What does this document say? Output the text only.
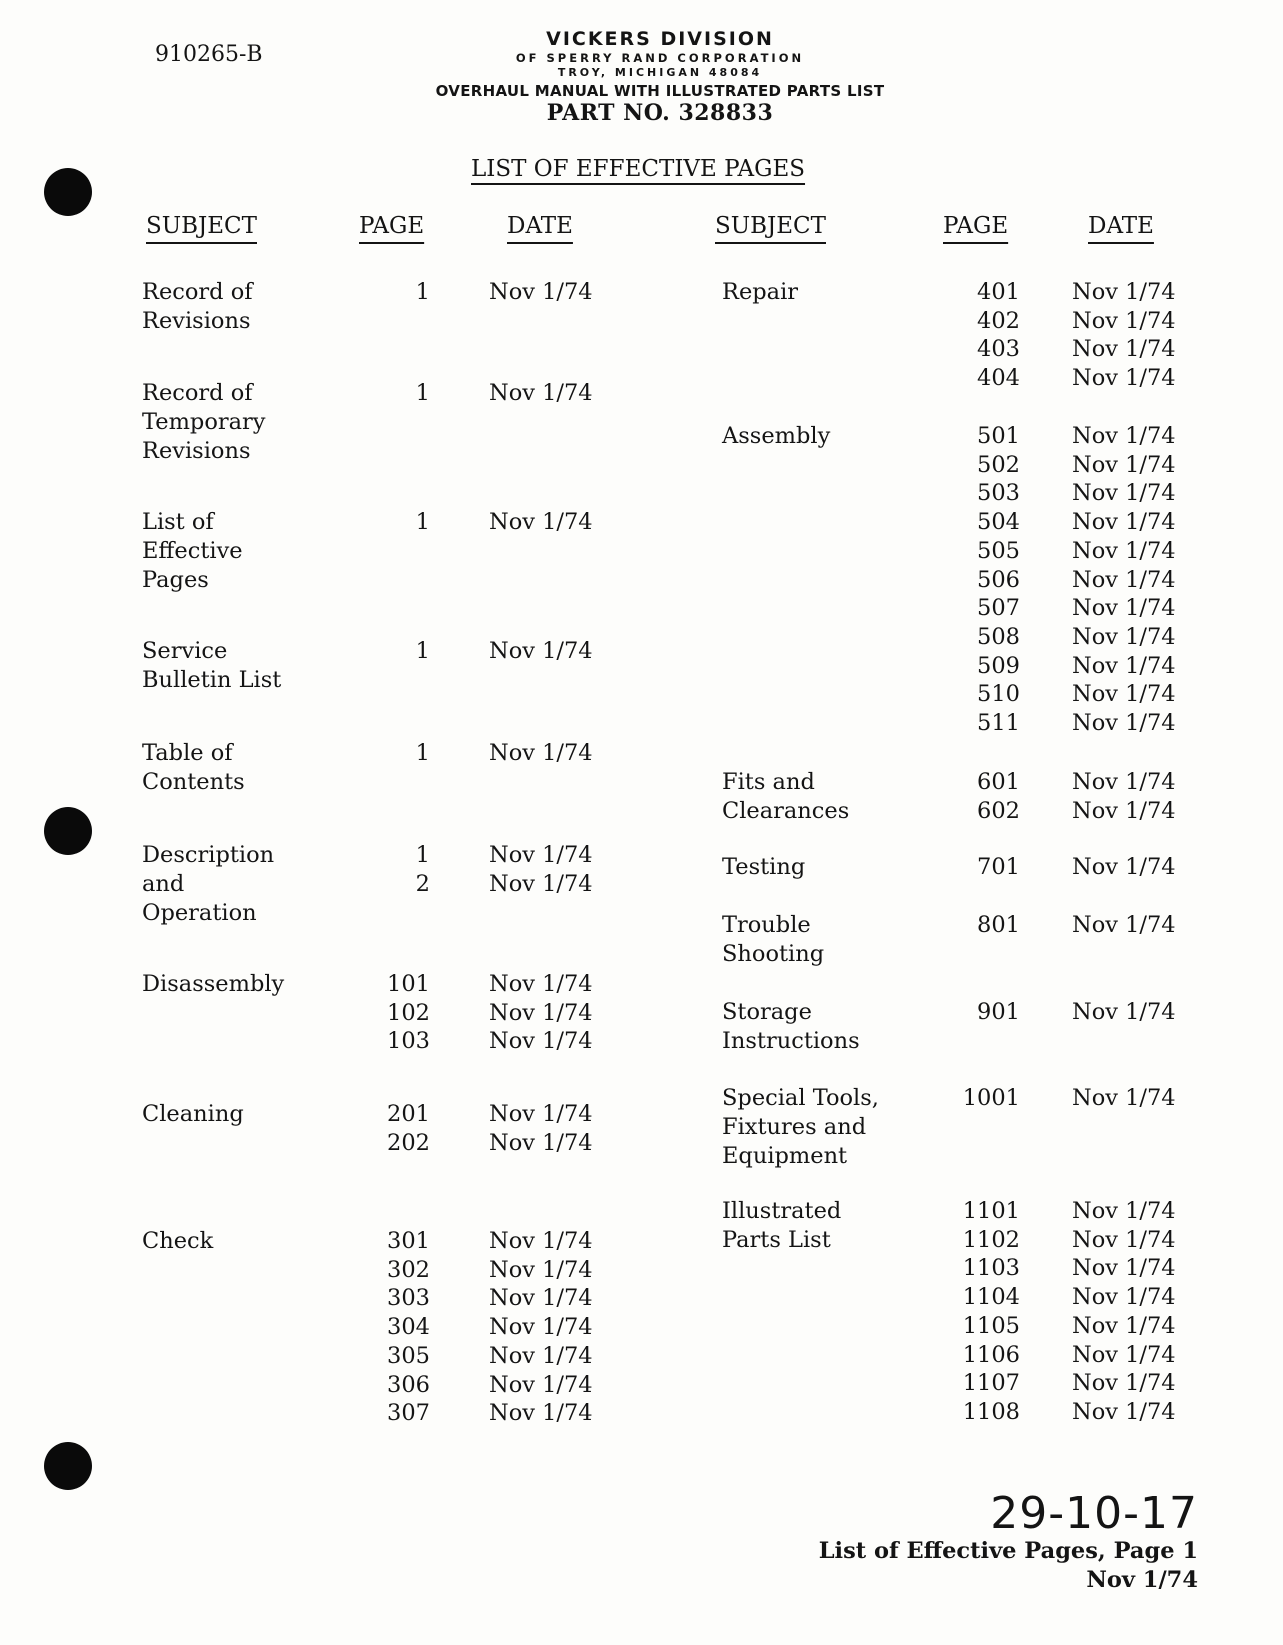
910265-B
VICKERS DIVISION
OF SPERRY RAND CORPORATION
TROY, MICHIGAN 48084
OVERHAUL MANUAL WITH ILLUSTRATED PARTS LIST
PART NO. 328833
LIST OF EFFECTIVE PAGES
SUBJECT	PAGE	DATE	SUBJECT	PAGE	DATE
Record of
Revisions
1	Nov 1/74
Record of
Temporary
Revisions
1	Nov 1/74
List of
Effective
Pages
1	Nov 1/74
Service
Bulletin List
1	Nov 1/74
Table of
Contents
1	Nov 1/74
Description
and
Operation
1	Nov 1/74
2	Nov 1/74
Disassembly	101	Nov 1/74
102	Nov 1/74
103	Nov 1/74
Cleaning	201	Nov 1/74
202	Nov 1/74
Check	301	Nov 1/74
302	Nov 1/74
303	Nov 1/74
304	Nov 1/74
305	Nov 1/74
306	Nov 1/74
307	Nov 1/74
Repair	401 Nov 1/74
402 Nov 1/74
403 Nov 1/74
404 Nov 1/74
Assembly	501 Nov 1/74
502 Nov 1/74
503 Nov 1/74
504 Nov 1/74
505 Nov 1/74
506 Nov 1/74
507 Nov 1/74
508 Nov 1/74
509 Nov 1/74
510 Nov 1/74
511 Nov 1/74
Fits and
Clearances
601 Nov 1/74
602 Nov 1/74
Testing	701 Nov 1/74
Trouble
Shooting
801 Nov 1/74
Storage
Instructions
901 Nov 1/74
Special Tools,
Fixtures and
Equipment
1001 Nov 1/74
Illustrated
Parts List
1101 Nov 1/74
1102 Nov 1/74
1103 Nov 1/74
1104 Nov 1/74
1105 Nov 1/74
1106 Nov 1/74
1107 Nov 1/74
1108 Nov 1/74
29-10-17
List of Effective Pages, Page 1
Nov 1/74
